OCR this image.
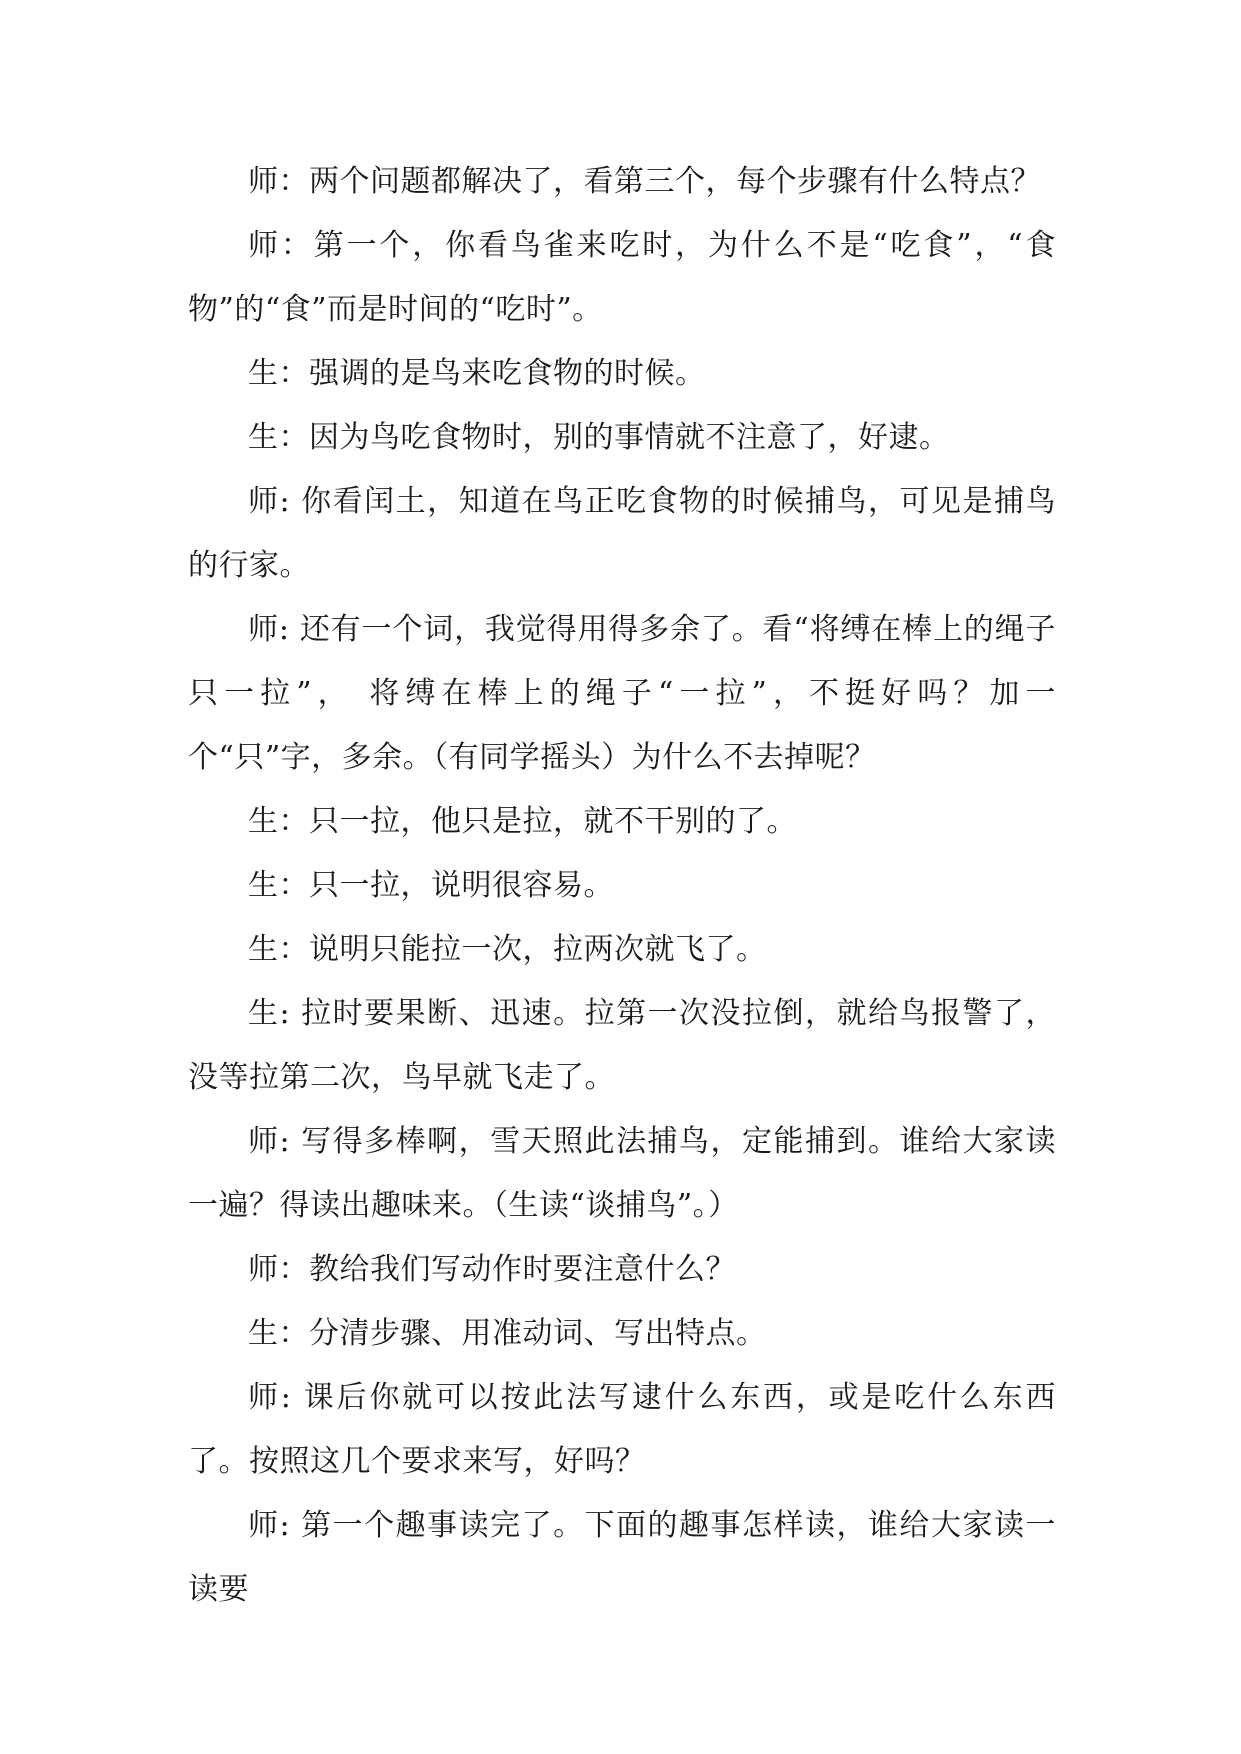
师：两个问题都解决了，看第三个，每个步骤有什么特点？

师：第一个，你看鸟雀来吃时，为什么不是“吃食”，“食物”的“食”而是时间的“吃时”。

生：强调的是鸟来吃食物的时候。

生：因为鸟吃食物时，别的事情就不注意了，好逮。

师: 你看闰土，知道在鸟正吃食物的时候捕鸟，可见是捕鸟的行家。

师: 还有一个词，我觉得用得多余了。看“将缚在棒上的绳子只一拉”， 将缚在棒上的绳子“一拉”，不挺好吗？加一个“只”字，多余。（有同学摇头）为什么不去掉呢？

生：只一拉，他只是拉，就不干别的了。

生：只一拉，说明很容易。

生：说明只能拉一次，拉两次就飞了。

生: 拉时要果断、迅速。拉第一次没拉倒，就给鸟报警了，没等拉第二次，鸟早就飞走了。

师: 写得多棒啊，雪天照此法捕鸟，定能捕到。谁给大家读一遍？得读出趣味来。（生读“谈捕鸟”。）

师：教给我们写动作时要注意什么？

生：分清步骤、用准动词、写出特点。

师: 课后你就可以按此法写逮什么东西，或是吃什么东西了。按照这几个要求来写，好吗？

师: 第一个趣事读完了。下面的趣事怎样读，谁给大家读一读要
